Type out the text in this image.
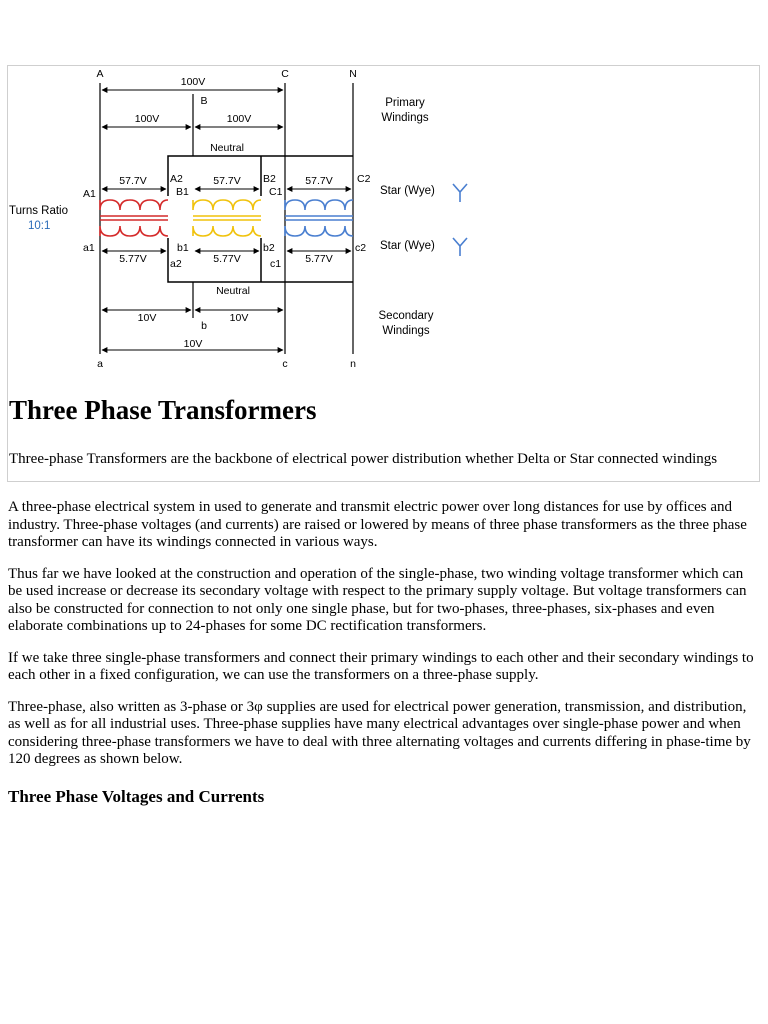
A	C	N
B
a
b
c	n
100V
100V	100V
Neutral
57.7V	57.7V	57.7V
5.77V	5.77V	5.77V
Neutral
10V	10V
10V
A1
A2
B1
B2
C1
C2
a1
a2
b1	b2
c1
c2
Primary
Windings
Star (Wye)
Star (Wye)
Secondary
Windings
Turns Ratio
10:1
Three Phase Transformers

Three-phase Transformers are the backbone of electrical power distribution whether Delta or Star connected windings

A three-phase electrical system in used to generate and transmit electric power over long distances for use by offices and industry. Three-phase voltages (and currents) are raised or lowered by means of three phase transformers as the three phase transformer can have its windings connected in various ways.

Thus far we have looked at the construction and operation of the single-phase, two winding voltage transformer which can be used increase or decrease its secondary voltage with respect to the primary supply voltage. But voltage transformers can also be constructed for connection to not only one single phase, but for two-phases, three-phases, six-phases and even elaborate combinations up to 24-phases for some DC rectification transformers.

If we take three single-phase transformers and connect their primary windings to each other and their secondary windings to each other in a fixed configuration, we can use the transformers on a three-phase supply.

Three-phase, also written as 3-phase or 3φ supplies are used for electrical power generation, transmission, and distribution, as well as for all industrial uses. Three-phase supplies have many electrical advantages over single-phase power and when considering three-phase transformers we have to deal with three alternating voltages and currents differing in phase-time by 120 degrees as shown below.

Three Phase Voltages and Currents
